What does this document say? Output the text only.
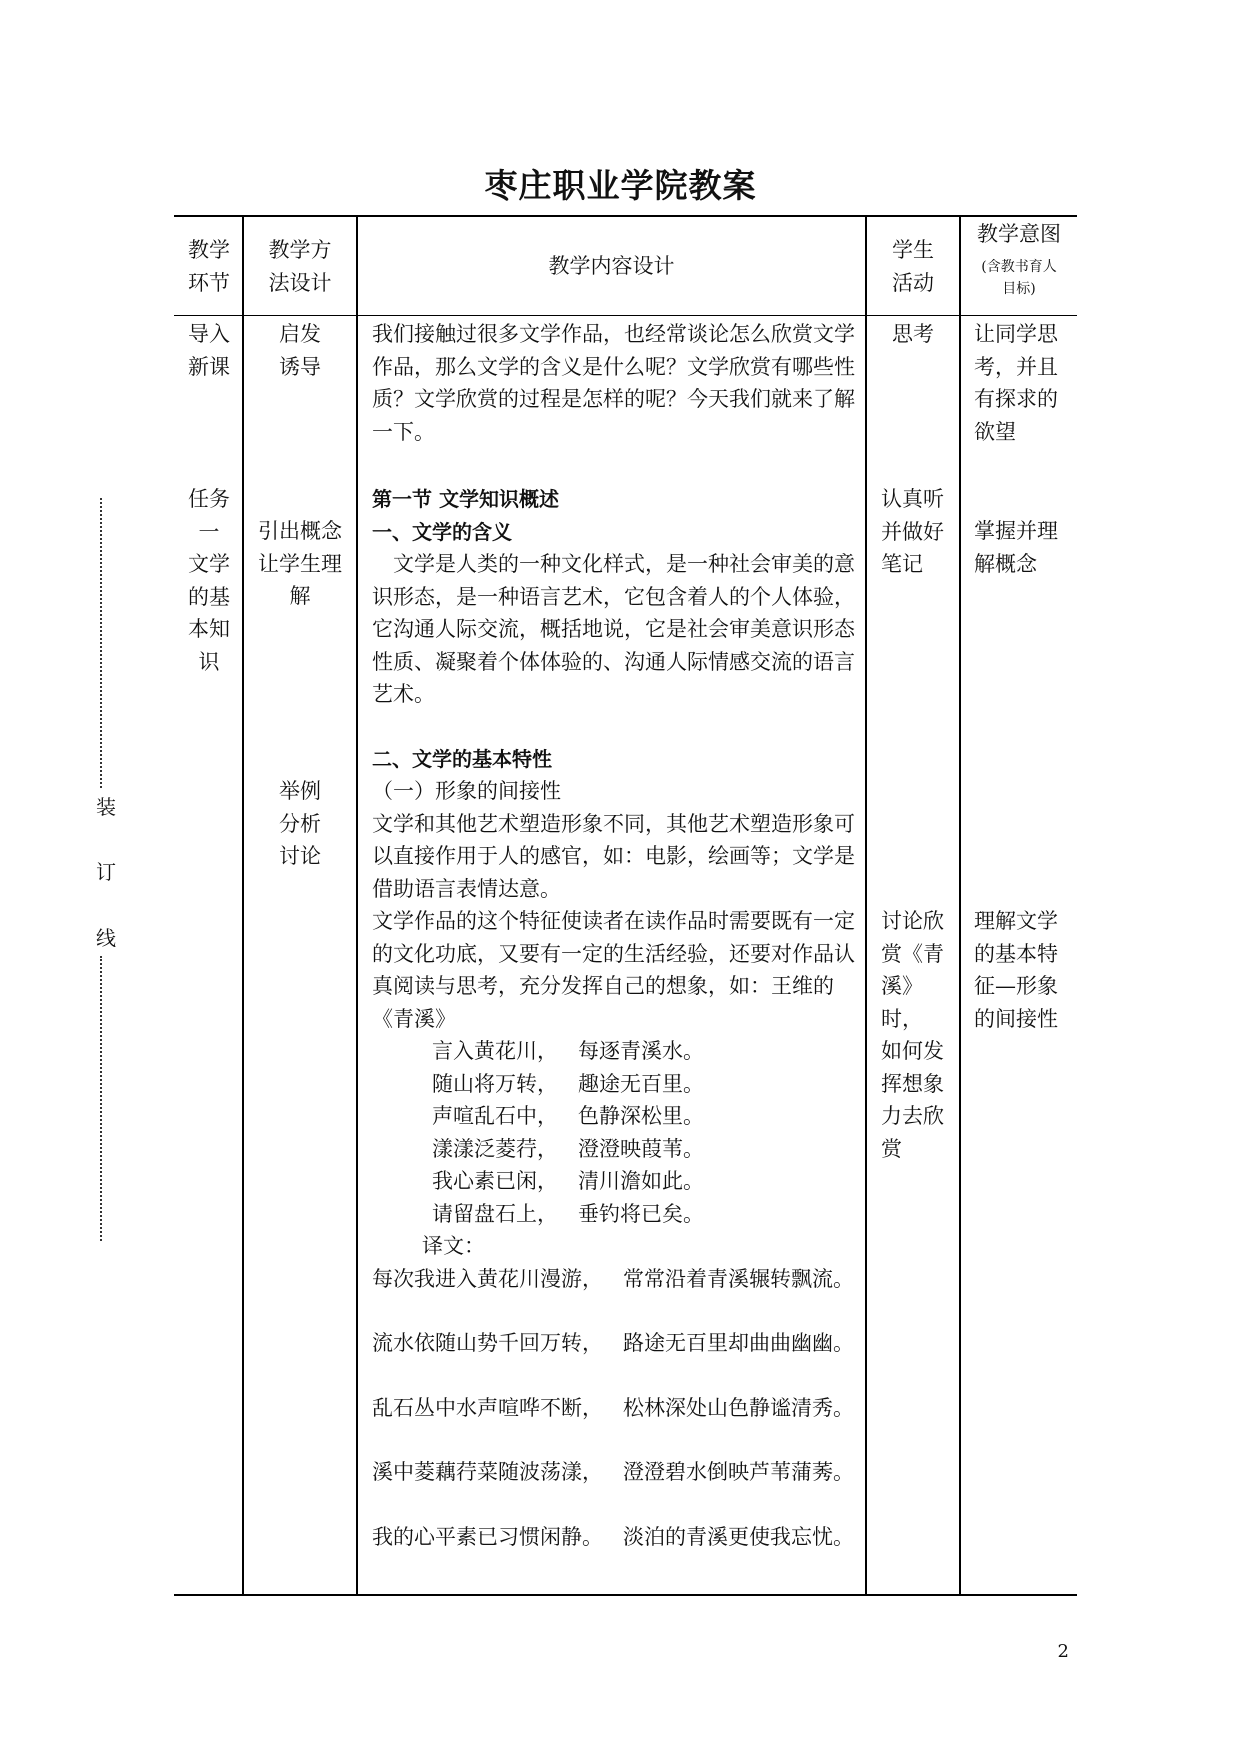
枣庄职业学院教案
装
订
线
教学
环节
教学方
法设计
教学内容设计
学生
活动
教学意图
(含教书育人
目标)
导入
新课
启发
诱导
我们接触过很多文学作品，也经常谈论怎么欣赏文学作品，那么文学的含义是什么呢？文学欣赏有哪些性质？文学欣赏的过程是怎样的呢？今天我们就来了解一下。
思考	让同学思
考，并且
有探求的
欲望
任务
一
文学
的基
本知
识
引出概念
让学生理
解
举例
分析
讨论
认真听
并做好
笔记
讨论欣
赏《青
溪》时，
如何发
挥想象
力去欣
赏
掌握并理
解概念
理解文学
的基本特
征—形象
的间接性

第一节 文学知识概述

一、文学的含义

　文学是人类的一种文化样式，是一种社会审美的意识形态，是一种语言艺术，它包含着人的个人体验，它沟通人际交流，概括地说，它是社会审美意识形态性质、凝聚着个体体验的、沟通人际情感交流的语言艺术。

二、文学的基本特性

（一）形象的间接性

文学和其他艺术塑造形象不同，其他艺术塑造形象可以直接作用于人的感官，如：电影，绘画等；文学是借助语言表情达意。

文学作品的这个特征使读者在读作品时需要既有一定的文化功底，又要有一定的生活经验，还要对作品认真阅读与思考，充分发挥自己的想象，如：王维的《青溪》

言入黄花川，   每逐青溪水。

随山将万转，   趣途无百里。

声喧乱石中，   色静深松里。

漾漾泛菱荇，   澄澄映葭苇。

我心素已闲，   清川澹如此。

请留盘石上，   垂钓将已矣。

译文：

每次我进入黄花川漫游，   常常沿着青溪辗转飘流。

流水依随山势千回万转，   路途无百里却曲曲幽幽。

乱石丛中水声喧哗不断，   松林深处山色静谧清秀。

溪中菱藕荇菜随波荡漾，   澄澄碧水倒映芦苇蒲莠。

我的心平素已习惯闲静。   淡泊的青溪更使我忘忧。

2
